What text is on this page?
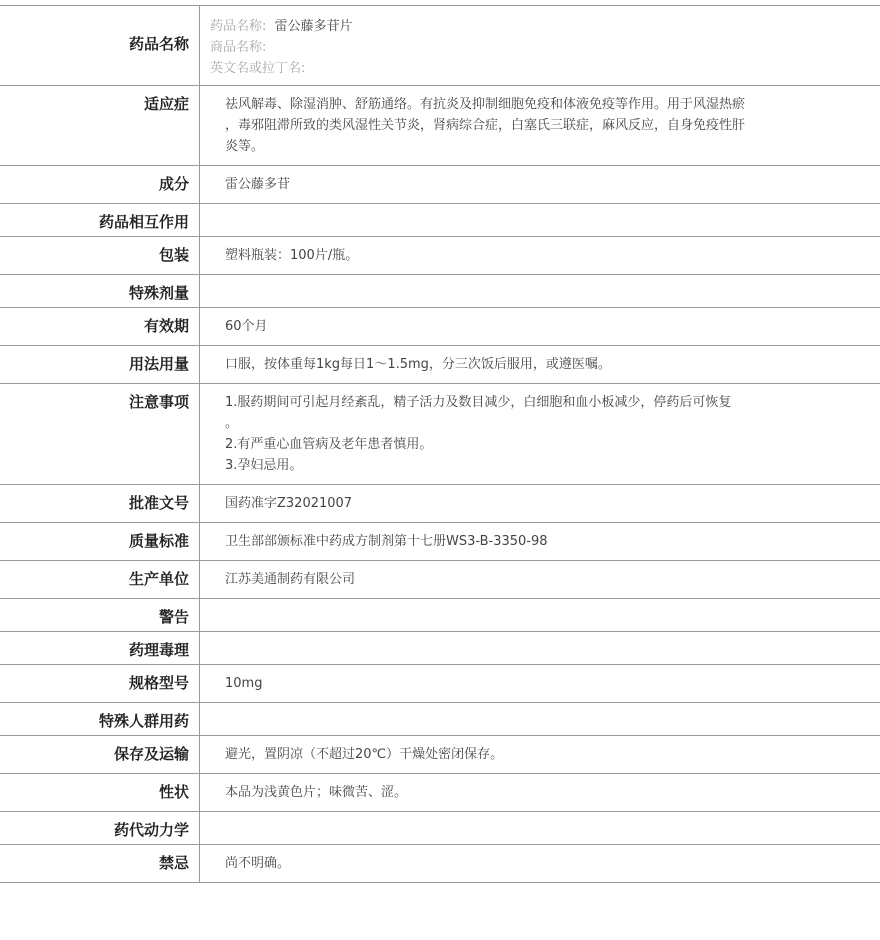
药品名称
药品名称: 雷公藤多苷片
商品名称:
英文名或拉丁名:
适应症	祛风解毒、除湿消肿、舒筋通络。有抗炎及抑制细胞免疫和体液免疫等作用。用于风湿热瘀
，毒邪阻滞所致的类风湿性关节炎，肾病综合症，白塞氏三联症，麻风反应，自身免疫性肝
炎等。
成分	雷公藤多苷
药品相互作用
包装	塑料瓶装：100片/瓶。
特殊剂量
有效期	60个月
用法用量	口服，按体重每1kg每日1～1.5mg，分三次饭后服用，或遵医嘱。
注意事项	1.服药期间可引起月经紊乱，精子活力及数目减少，白细胞和血小板减少，停药后可恢复
。
2.有严重心血管病及老年患者慎用。
3.孕妇忌用。
批准文号	国药准字Z32021007
质量标准	卫生部部颁标准中药成方制剂第十七册WS3-B-3350-98
生产单位	江苏美通制药有限公司
警告
药理毒理
规格型号	10mg
特殊人群用药
保存及运输	避光，置阴凉（不超过20℃）干燥处密闭保存。
性状	本品为浅黄色片；味微苦、涩。
药代动力学
禁忌	尚不明确。
